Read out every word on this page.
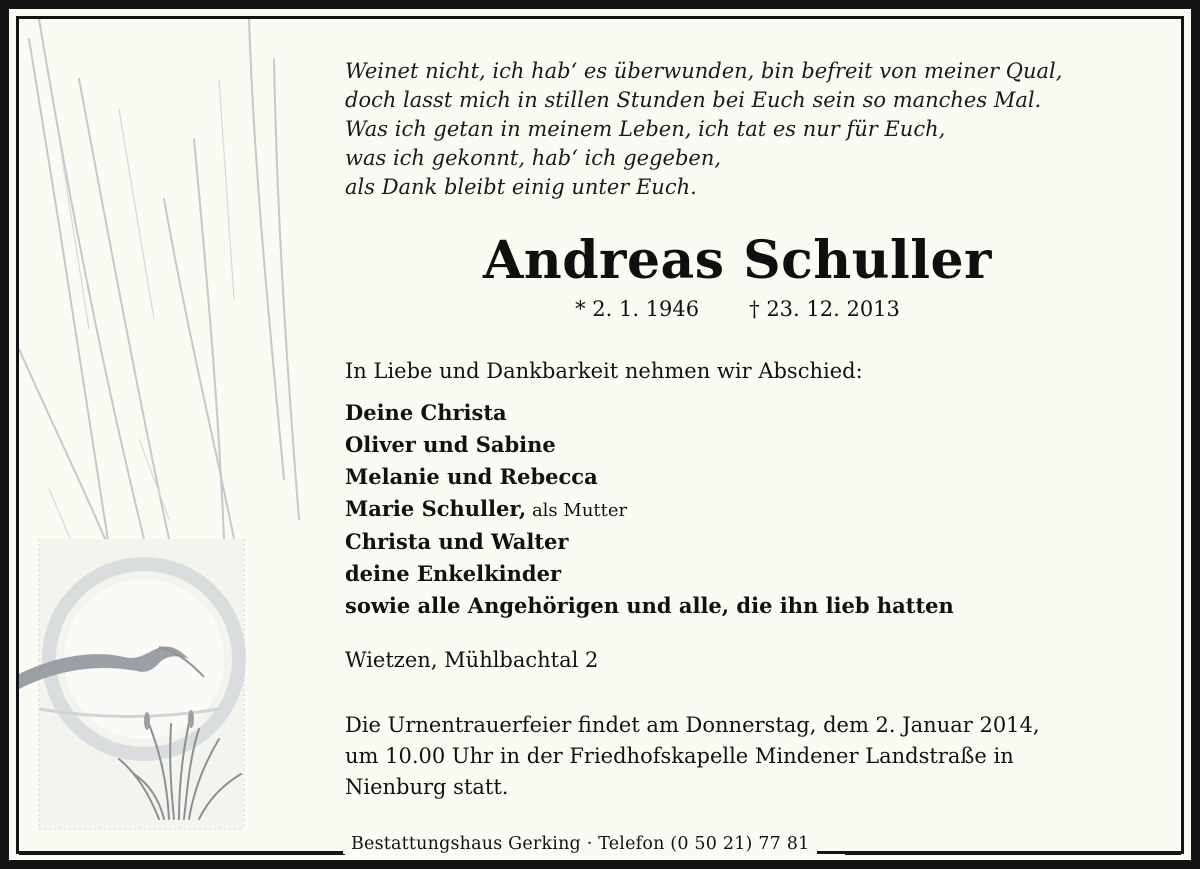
Weinet nicht, ich hab‘ es überwunden, bin befreit von meiner Qual,
doch lasst mich in stillen Stunden bei Euch sein so manches Mal.
Was ich getan in meinem Leben, ich tat es nur für Euch,
was ich gekonnt, hab‘ ich gegeben,
als Dank bleibt einig unter Euch.
Andreas Schuller
* 2. 1. 1946 † 23. 12. 2013
In Liebe und Dankbarkeit nehmen wir Abschied:
Deine Christa
Oliver und Sabine
Melanie und Rebecca
Marie Schuller, als Mutter
Christa und Walter
deine Enkelkinder
sowie alle Angehörigen und alle, die ihn lieb hatten
Wietzen, Mühlbachtal 2
Die Urnentrauerfeier findet am Donnerstag, dem 2. Januar 2014,
um 10.00 Uhr in der Friedhofskapelle Mindener Landstraße in
Nienburg statt.
Bestattungshaus Gerking · Telefon (0 50 21) 77 81
